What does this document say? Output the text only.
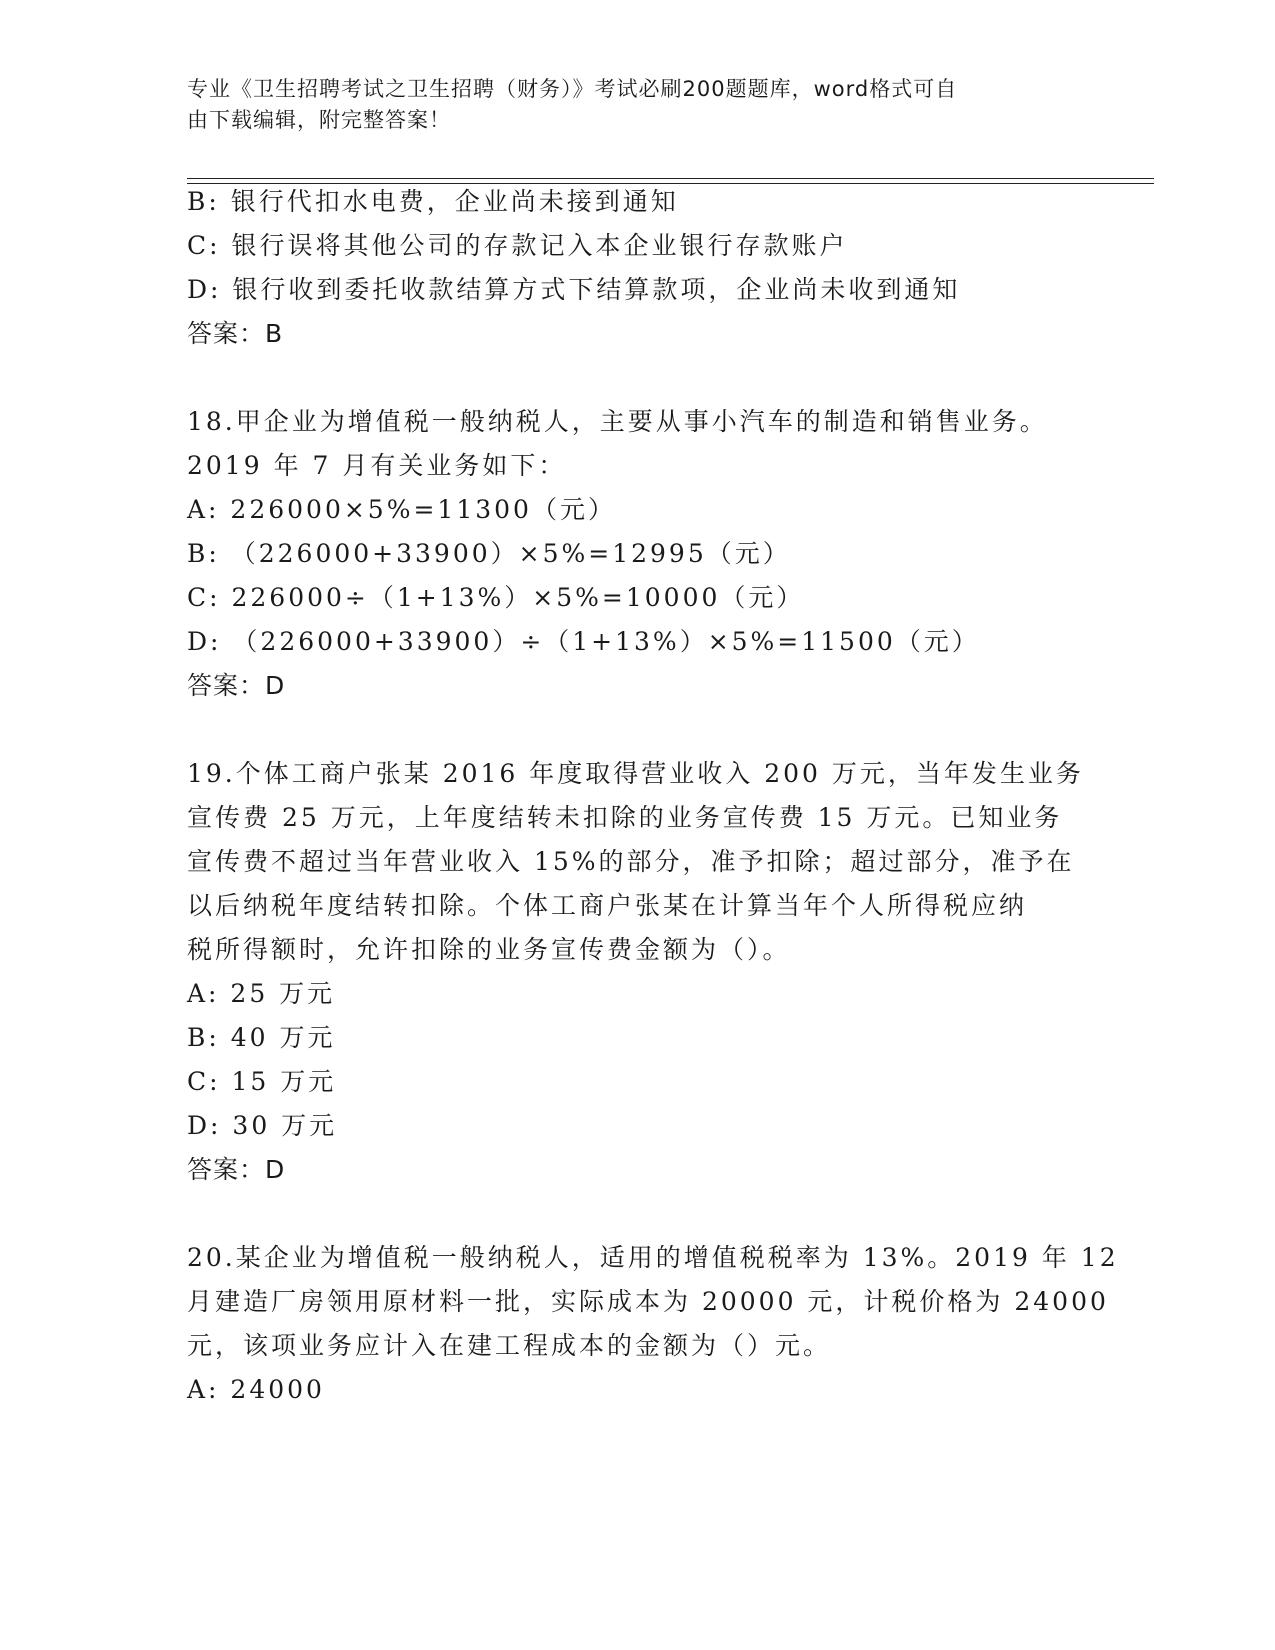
专业《卫生招聘考试之卫生招聘（财务）》考试必刷200题题库，word格式可自
由下载编辑，附完整答案！
B: 银行代扣水电费，企业尚未接到通知
C: 银行误将其他公司的存款记入本企业银行存款账户
D: 银行收到委托收款结算方式下结算款项，企业尚未收到通知
答案：B
18.甲企业为增值税一般纳税人，主要从事小汽车的制造和销售业务。
2019 年 7 月有关业务如下：
A: 226000×5%=11300（元）
B: （226000+33900）×5%=12995（元）
C: 226000÷（1+13%）×5%=10000（元）
D: （226000+33900）÷（1+13%）×5%=11500（元）
答案：D
19.个体工商户张某 2016 年度取得营业收入 200 万元，当年发生业务
宣传费 25 万元，上年度结转未扣除的业务宣传费 15 万元。已知业务
宣传费不超过当年营业收入 15%的部分，准予扣除；超过部分，准予在
以后纳税年度结转扣除。个体工商户张某在计算当年个人所得税应纳
税所得额时，允许扣除的业务宣传费金额为（）。
A: 25 万元
B: 40 万元
C: 15 万元
D: 30 万元
答案：D
20.某企业为增值税一般纳税人，适用的增值税税率为 13%。2019 年 12
月建造厂房领用原材料一批，实际成本为 20000 元，计税价格为 24000
元，该项业务应计入在建工程成本的金额为（）元。
A: 24000
